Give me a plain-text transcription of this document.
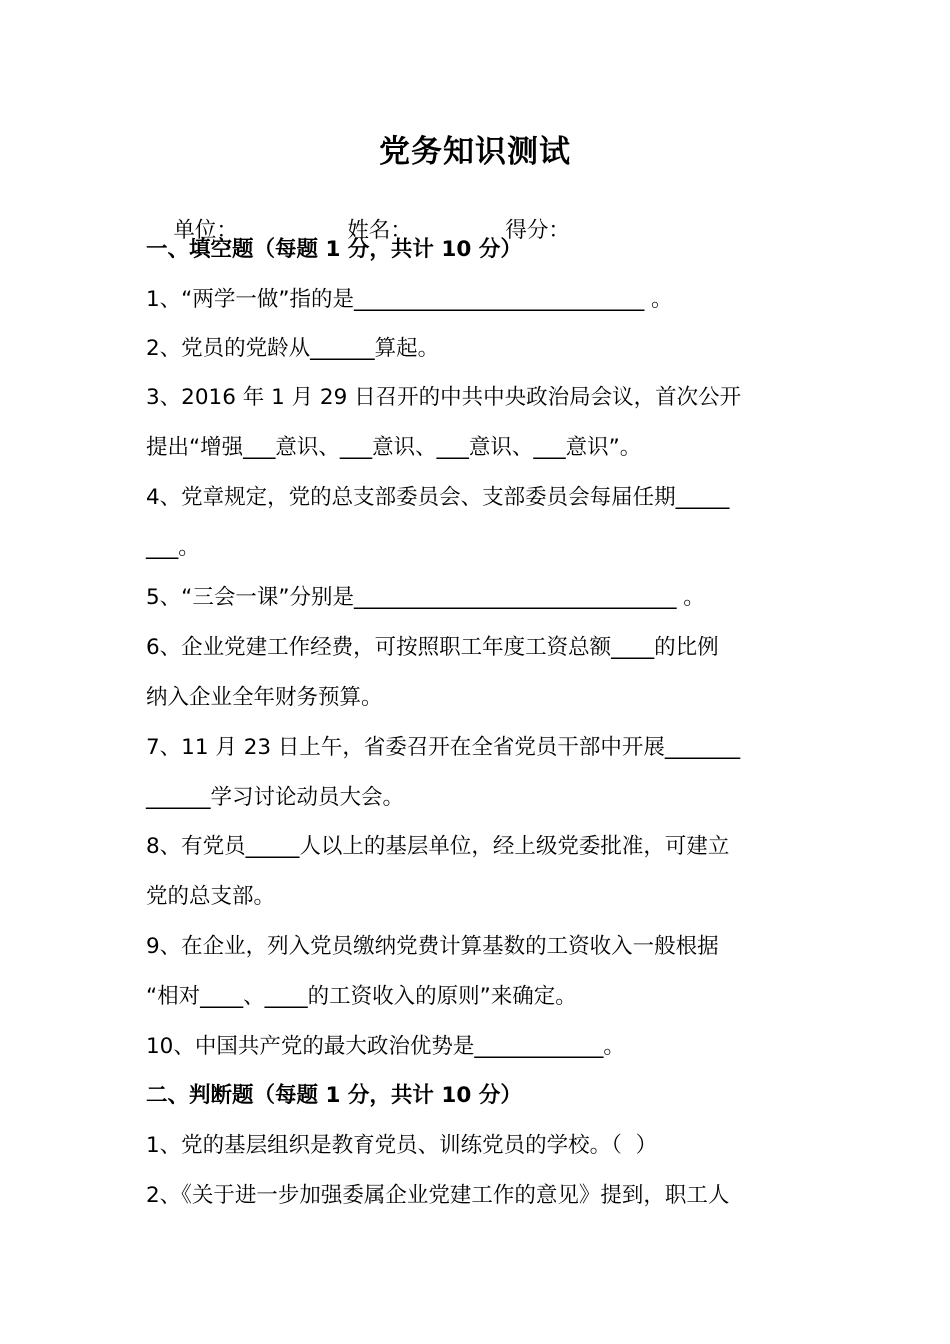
党务知识测试

单位：	姓名：	得分：

一、填空题（每题 1 分，共计 10 分）
1、“两学一做”指的是___________________________ 。
2、党员的党龄从______算起。
3、2016 年 1 月 29 日召开的中共中央政治局会议，首次公开
提出“增强___意识、___意识、___意识、___意识”。
4、党章规定，党的总支部委员会、支部委员会每届任期_____
___。
5、“三会一课”分别是______________________________ 。
6、企业党建工作经费，可按照职工年度工资总额____的比例
纳入企业全年财务预算。
7、11 月 23 日上午，省委召开在全省党员干部中开展_______
______学习讨论动员大会。
8、有党员_____人以上的基层单位，经上级党委批准，可建立
党的总支部。
9、在企业，列入党员缴纳党费计算基数的工资收入一般根据
“相对____、____的工资收入的原则”来确定。
10、中国共产党的最大政治优势是____________。
二、判断题（每题 1 分，共计 10 分）
1、党的基层组织是教育党员、训练党员的学校。（  ）
2、《关于进一步加强委属企业党建工作的意见》提到，职工人
